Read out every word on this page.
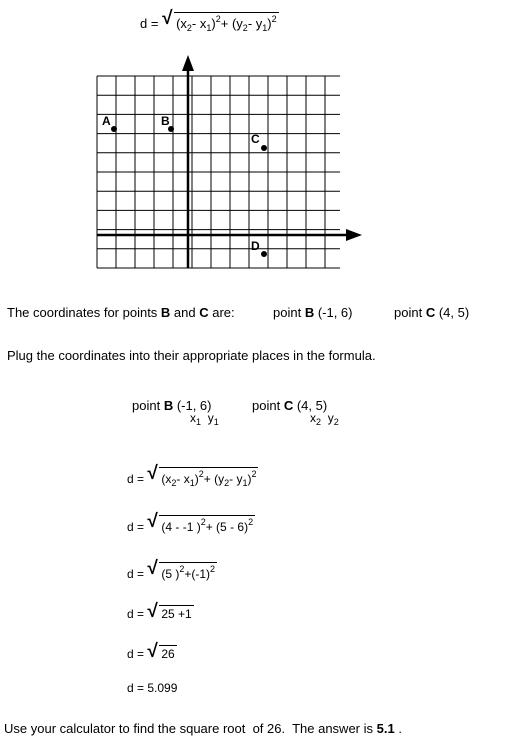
d = √ ($x_2-$ $x_1)^2+ (y_2-$ $y_1)^2$
A	B
C
D
The coordinates for points B and C are:	point B (-1, 6)	point C (4, 5)
Plug the coordinates into their appropriate places in the formula.
point B (-1, 6)
$x_1$ $y_1$
point C (4, 5)
$x_2$ $y_2$
d = √ ($x_2-$ $x_1)^2+ (y_2-$ $y_1)^2$
d = √ (4 - -1 )$^2$+ (5 - 6)$^2$
d = √ (5 )$^2+(-1)^2$
d = √ 25 +1
d = √ 26
d = 5.099
Use your calculator to find the square root  of 26.  The answer is 5.1 .
